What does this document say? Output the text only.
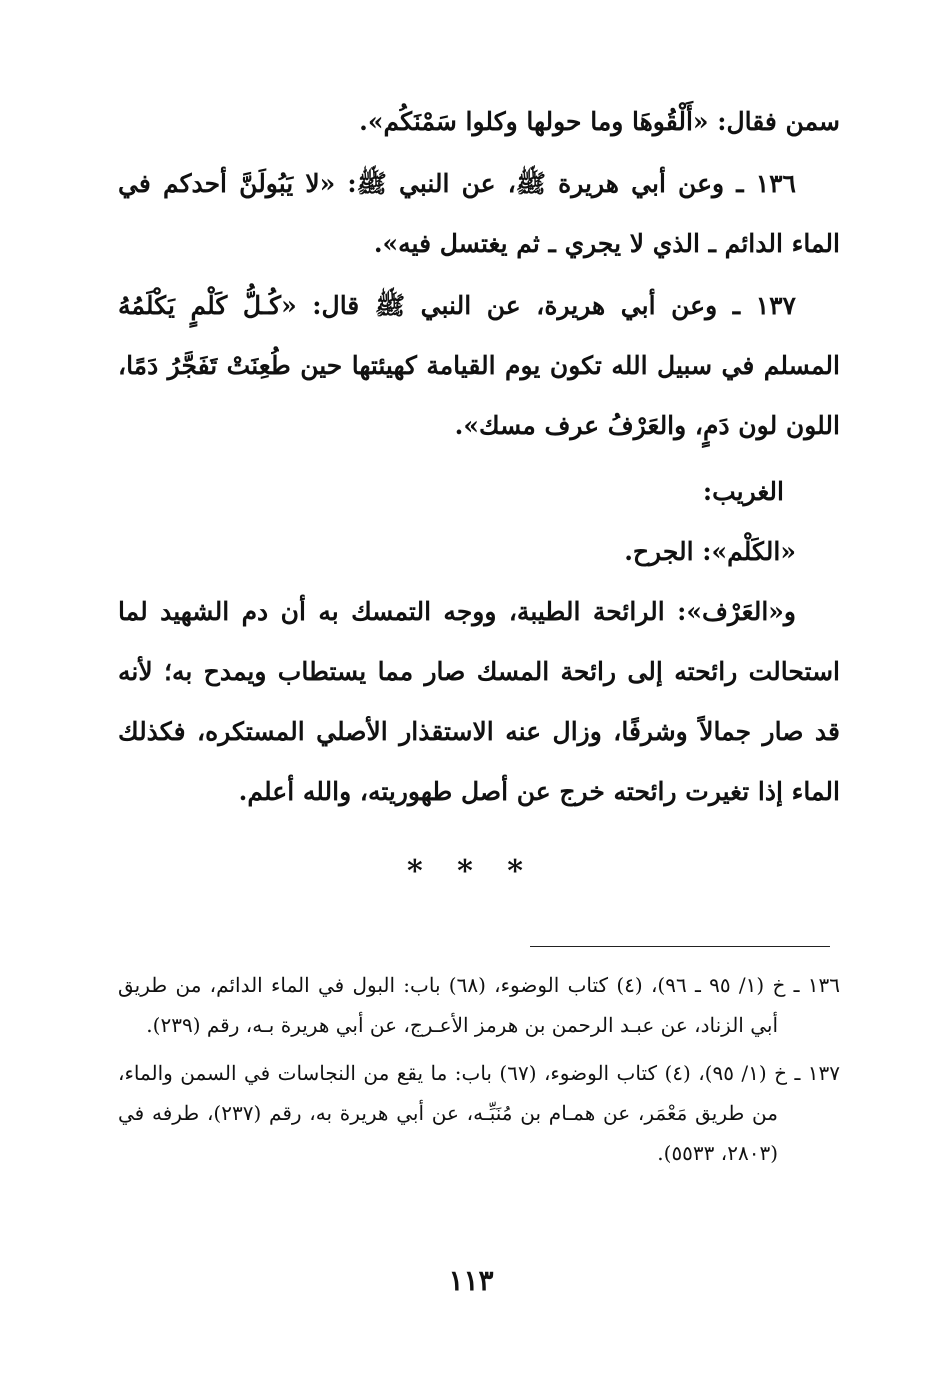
سمن فقال: «أَلْقُوهَا وما حولها وكلوا سَمْنَكُم».

١٣٦ ـ وعن أبي هريرة ﷺ، عن النبي ﷺ: «لا يَبُولَنَّ أحدكم في الماء الدائم ـ الذي لا يجري ـ ثم يغتسل فيه».

١٣٧ ـ وعن أبي هريرة، عن النبي ﷺ قال: «كُـلُّ كَلْمٍ يَكْلَمُهُ المسلم في سبيل الله تكون يوم القيامة كهيئتها حين طُعِنَتْ تَفَجَّرُ دَمًا، اللون لون دَمٍ، والعَرْفُ عرف مسك».

الغريب:

«الكَلْم»: الجرح.

و«العَرْف»: الرائحة الطيبة، ووجه التمسك به أن دم الشهيد لما استحالت رائحته إلى رائحة المسك صار مما يستطاب ويمدح به؛ لأنه قد صار جمالاً وشرفًا، وزال عنه الاستقذار الأصلي المستكره، فكذلك الماء إذا تغيرت رائحته خرج عن أصل طهوريته، والله أعلم.

* * *

١٣٦ ـ خ (١/ ٩٥ ـ ٩٦)، (٤) كتاب الوضوء، (٦٨) باب: البول في الماء الدائم، من طريق أبي الزناد، عن عبـد الرحمن بن هرمز الأعـرج، عن أبي هريرة بـه، رقم (٢٣٩).

١٣٧ ـ خ (١/ ٩٥)، (٤) كتاب الوضوء، (٦٧) باب: ما يقع من النجاسات في السمن والماء، من طريق مَعْمَر، عن همـام بن مُنَبِّـه، عن أبي هريرة به، رقم (٢٣٧)، طرفه في (٢٨٠٣، ٥٥٣٣).

١١٣
